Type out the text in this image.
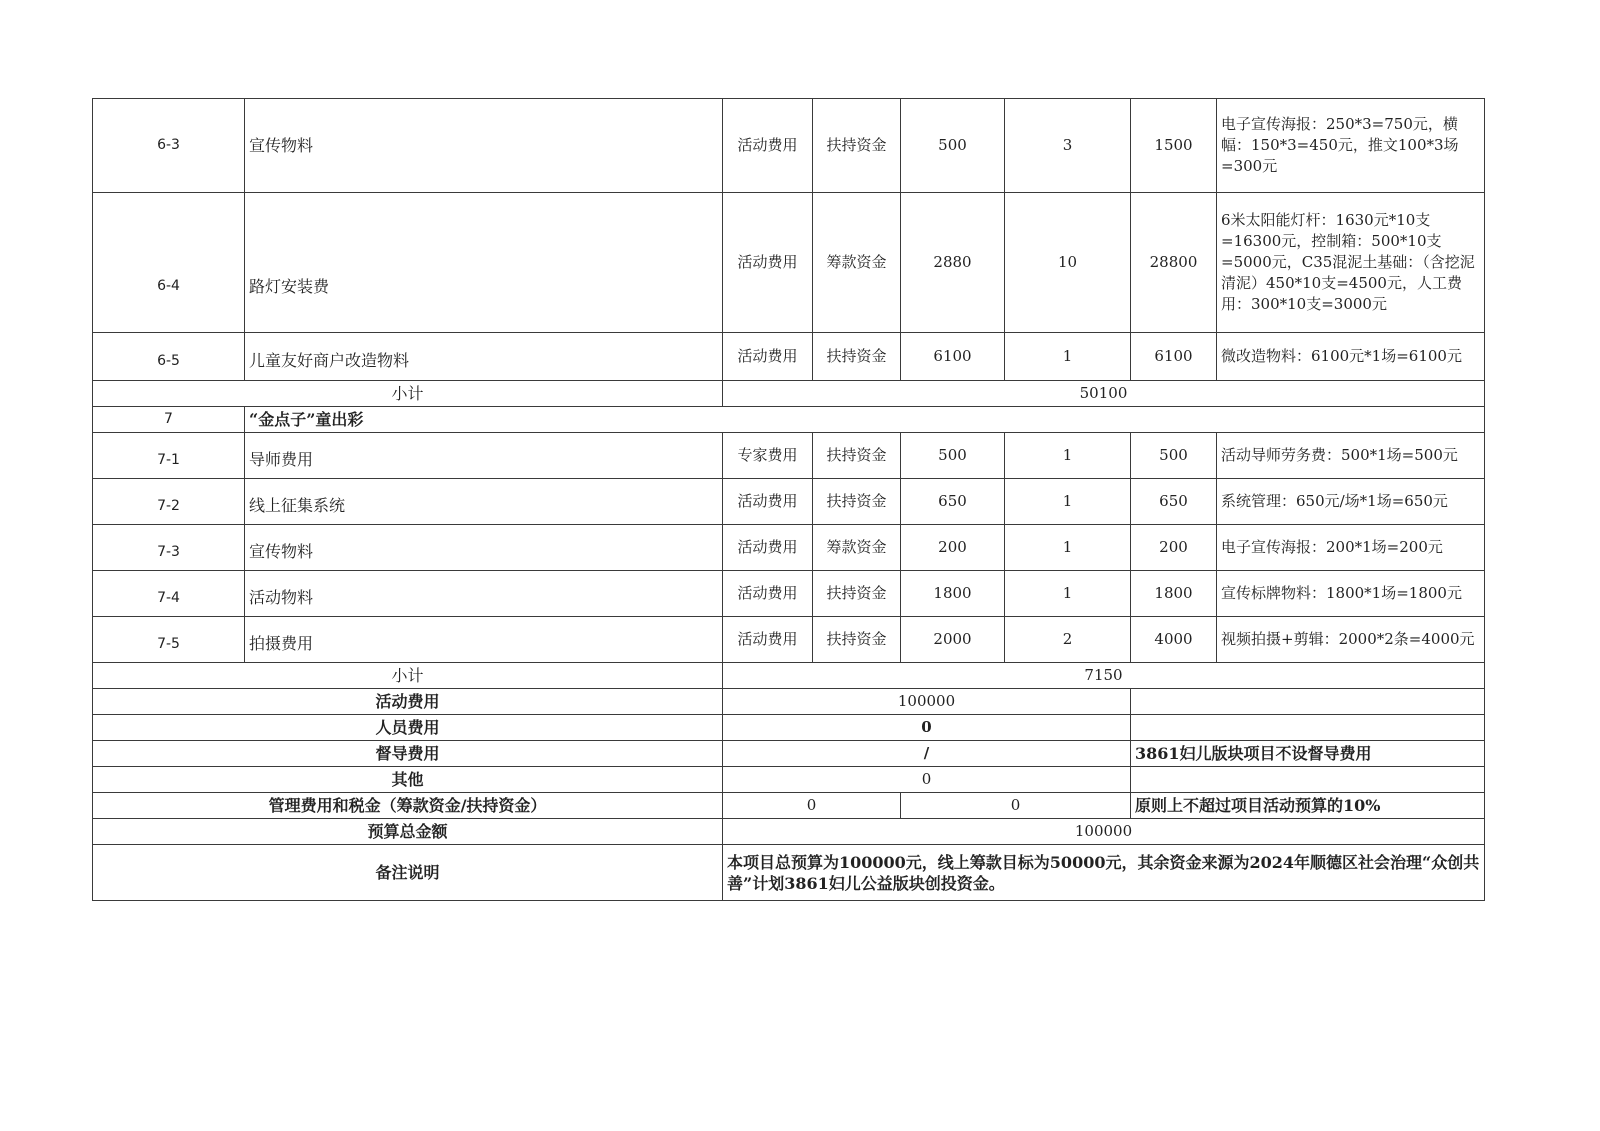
6-3	宣传物料	活动费用	扶持资金	500	3	1500	电子宣传海报：250*3=750元，横幅：150*3=450元，推文100*3场=300元
6-4	路灯安装费	活动费用	筹款资金	2880	10	28800	6米太阳能灯杆：1630元*10支=16300元，控制箱：500*10支=5000元，C35混泥土基础：（含挖泥清泥）450*10支=4500元，人工费用：300*10支=3000元
6-5	儿童友好商户改造物料	活动费用	扶持资金	6100	1	6100	微改造物料：6100元*1场=6100元
小计		50100					
7	“金点子”童出彩						
7-1	导师费用	专家费用	扶持资金	500	1	500	活动导师劳务费：500*1场=500元
7-2	线上征集系统	活动费用	扶持资金	650	1	650	系统管理：650元/场*1场=650元
7-3	宣传物料	活动费用	筹款资金	200	1	200	电子宣传海报：200*1场=200元
7-4	活动物料	活动费用	扶持资金	1800	1	1800	宣传标牌物料：1800*1场=1800元
7-5	拍摄费用	活动费用	扶持资金	2000	2	4000	视频拍摄+剪辑：2000*2条=4000元
小计		7150					
活动费用		100000					
人员费用		0					
督导费用		/				3861妇儿版块项目不设督导费用	
其他		0					
管理费用和税金（筹款资金/扶持资金）		0		0		原则上不超过项目活动预算的10%	
预算总金额		100000					
备注说明		本项目总预算为100000元，线上筹款目标为50000元，其余资金来源为2024年顺德区社会治理“众创共善”计划3861妇儿公益版块创投资金。					
